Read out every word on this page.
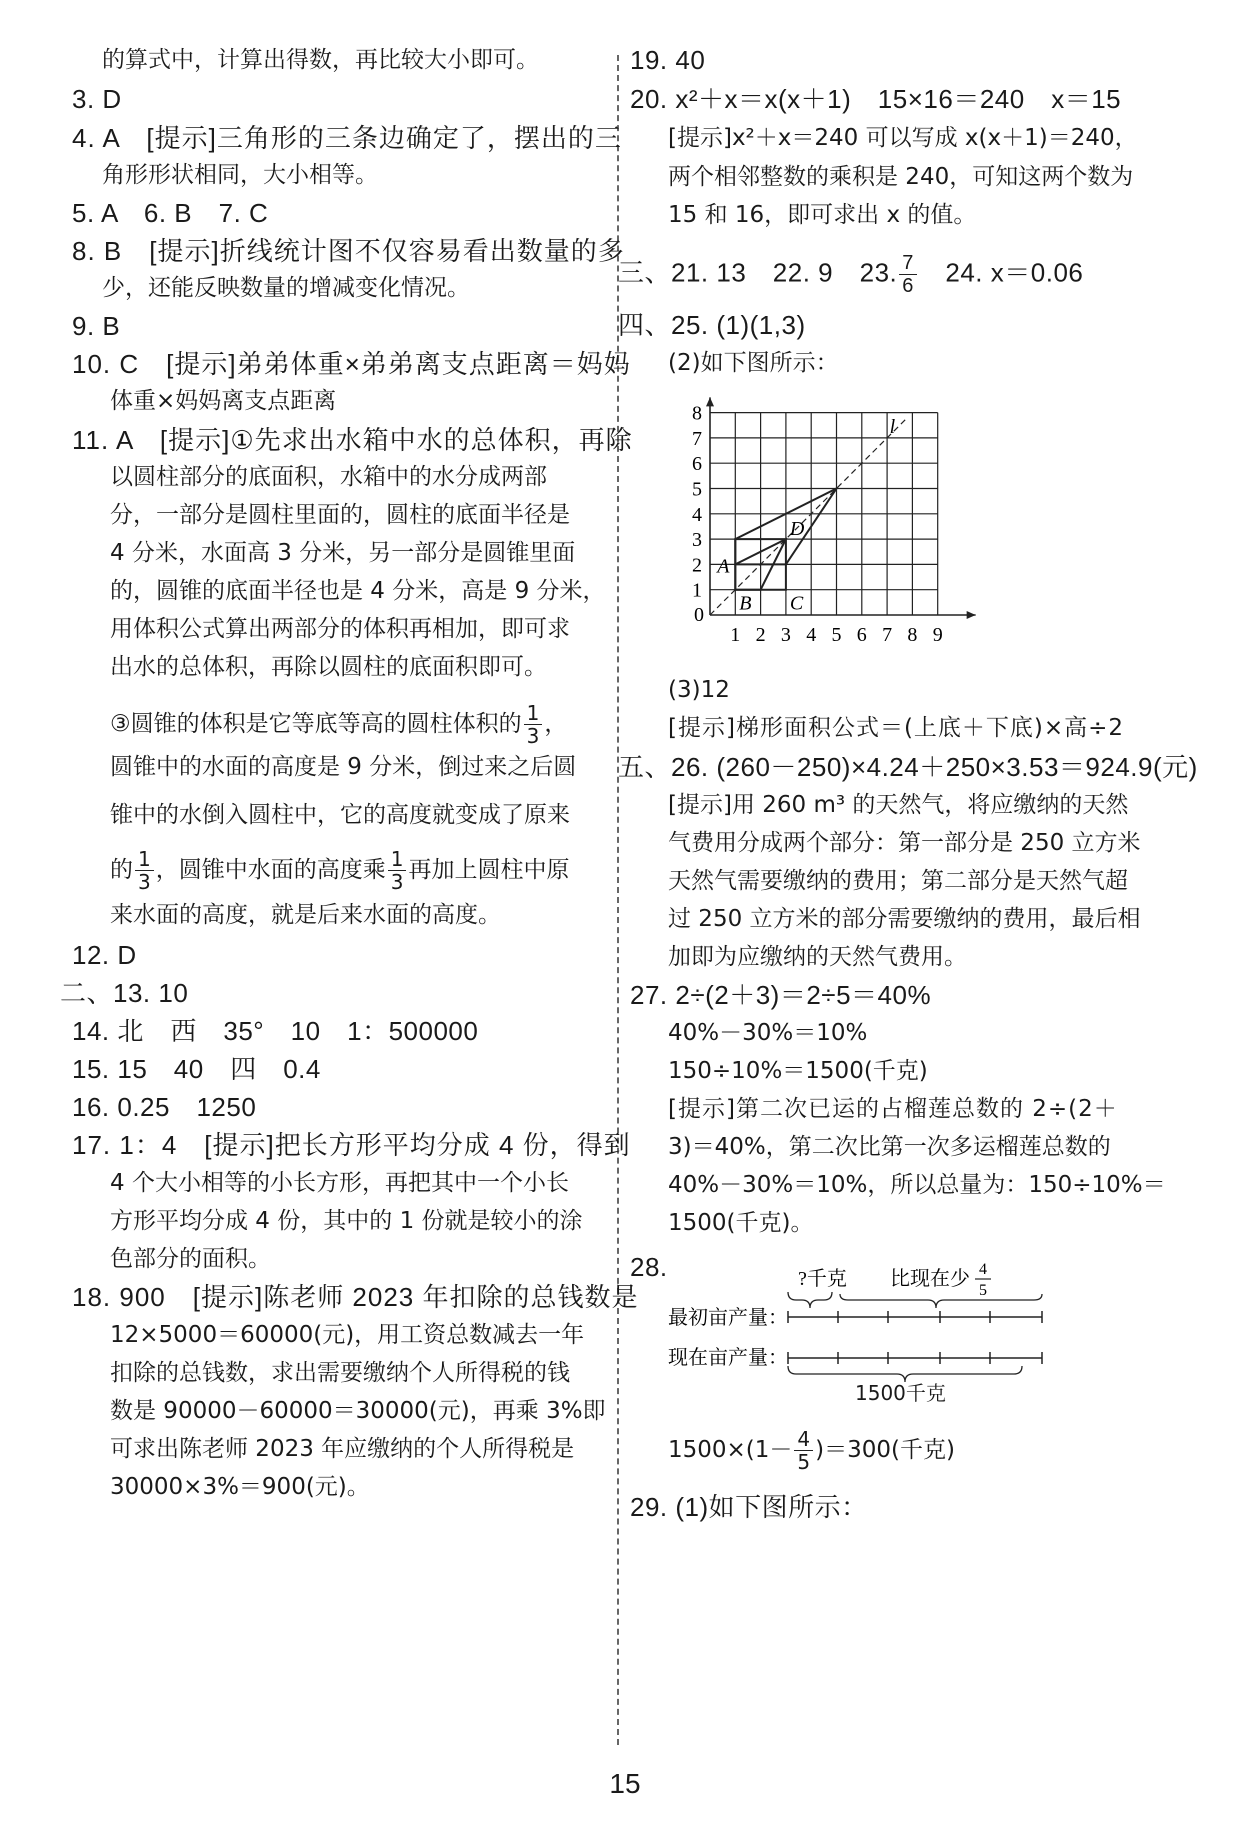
的算式中，计算出得数，再比较大小即可。
3. D
4. A　[提示]三角形的三条边确定了，摆出的三
角形形状相同，大小相等。
5. A　6. B　7. C
8. B　[提示]折线统计图不仅容易看出数量的多
少，还能反映数量的增减变化情况。
9. B
10. C　[提示]弟弟体重×弟弟离支点距离＝妈妈
体重×妈妈离支点距离
11. A　[提示]①先求出水箱中水的总体积，再除
以圆柱部分的底面积，水箱中的水分成两部
分，一部分是圆柱里面的，圆柱的底面半径是
4 分米，水面高 3 分米，另一部分是圆锥里面
的，圆锥的底面半径也是 4 分米，高是 9 分米，
用体积公式算出两部分的体积再相加，即可求
出水的总体积，再除以圆柱的底面积即可。
③圆锥的体积是它等底等高的圆柱体积的 $\frac{1}{3}$ ，
圆锥中的水面的高度是 9 分米，倒过来之后圆
锥中的水倒入圆柱中，它的高度就变成了原来
的 $\frac{1}{3}$ ，圆锥中水面的高度乘 $\frac{1}{3}$ 再加上圆柱中原
来水面的高度，就是后来水面的高度。
12. D
二、13. 10
14. 北　西　35°　10　1：500000
15. 15　40　四　0.4
16. 0.25　1250
17. 1：4　[提示]把长方形平均分成 4 份，得到
4 个大小相等的小长方形，再把其中一个小长
方形平均分成 4 份，其中的 1 份就是较小的涂
色部分的面积。
18. 900　[提示]陈老师 2023 年扣除的总钱数是
12×5000＝60000(元)，用工资总数减去一年
扣除的总钱数，求出需要缴纳个人所得税的钱
数是 90000－60000＝30000(元)，再乘 3%即
可求出陈老师 2023 年应缴纳的个人所得税是
30000×3%＝900(元)。
19. 40
20. x²＋x＝x(x＋1)　15×16＝240　x＝15
[提示]x²＋x＝240 可以写成 x(x＋1)＝240，
两个相邻整数的乘积是 240，可知这两个数为
15 和 16，即可求出 x 的值。
三、21. 13　22. 9　23. $\frac{7}{6}$ 　24. x＝0.06
四、25. (1)(1,3)
(2)如下图所示：
1 2 3 4 5 6 7 8 9
1
2
3
4
5
6
7
8
0
l
A
B C
D
(3)12
[提示]梯形面积公式＝(上底＋下底)×高÷2
五、26. (260－250)×4.24＋250×3.53＝924.9(元)
[提示]用 260 m³ 的天然气，将应缴纳的天然
气费用分成两个部分：第一部分是 250 立方米
天然气需要缴纳的费用；第二部分是天然气超
过 250 立方米的部分需要缴纳的费用，最后相
加即为应缴纳的天然气费用。
27. 2÷(2＋3)＝2÷5＝40%
40%－30%＝10%
150÷10%＝1500(千克)
[提示]第二次已运的占榴莲总数的 2÷(2＋
3)＝40%，第二次比第一次多运榴莲总数的
40%－30%＝10%，所以总量为：150÷10%＝
1500(千克)。
28.	?千克 比现在少 4
5
最初亩产量：
现在亩产量：
1500千克
$1500\times(1- \frac{4}{5} )=300$(千克)
29. (1)如下图所示：
15
